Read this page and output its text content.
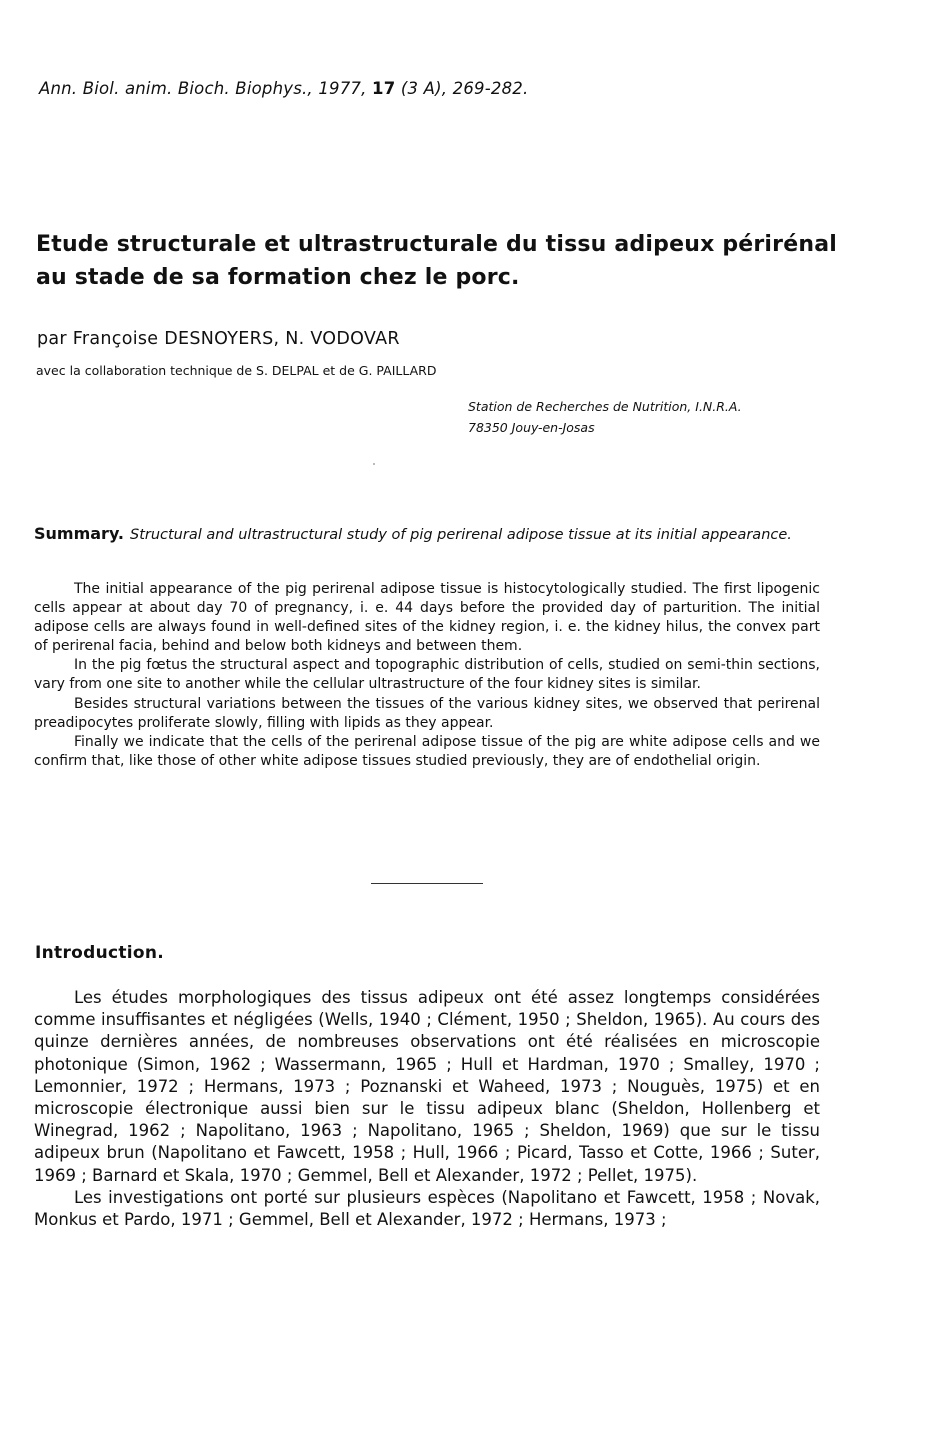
Ann. Biol. anim. Bioch. Biophys., 1977, 17 (3 A), 269-282.
Etude structurale et ultrastructurale du tissu adipeux périrénal au stade de sa formation chez le porc.
par Françoise DESNOYERS, N. VODOVAR
avec la collaboration technique de S. DELPAL et de G. PAILLARD
Station de Recherches de Nutrition, I.N.R.A.
78350 Jouy-en-Josas
Summary. Structural and ultrastructural study of pig perirenal adipose tissue at its initial appearance.

The initial appearance of the pig perirenal adipose tissue is histocytologically studied. The first lipogenic cells appear at about day 70 of pregnancy, i. e. 44 days before the provided day of parturition. The initial adipose cells are always found in well-defined sites of the kidney region, i. e. the kidney hilus, the convex part of perirenal facia, behind and below both kidneys and between them.

In the pig fœtus the structural aspect and topographic distribution of cells, studied on semi-thin sections, vary from one site to another while the cellular ultrastructure of the four kidney sites is similar.

Besides structural variations between the tissues of the various kidney sites, we observed that perirenal preadipocytes proliferate slowly, filling with lipids as they appear.

Finally we indicate that the cells of the perirenal adipose tissue of the pig are white adipose cells and we confirm that, like those of other white adipose tissues studied previously, they are of endothelial origin.

Introduction.

Les études morphologiques des tissus adipeux ont été assez longtemps considérées comme insuffisantes et négligées (Wells, 1940 ; Clément, 1950 ; Sheldon, 1965). Au cours des quinze dernières années, de nombreuses observations ont été réalisées en microscopie photonique (Simon, 1962 ; Wassermann, 1965 ; Hull et Hardman, 1970 ; Smalley, 1970 ; Lemonnier, 1972 ; Hermans, 1973 ; Poznanski et Waheed, 1973 ; Nouguès, 1975) et en microscopie électronique aussi bien sur le tissu adipeux blanc (Sheldon, Hollenberg et Winegrad, 1962 ; Napolitano, 1963 ; Napolitano, 1965 ; Sheldon, 1969) que sur le tissu adipeux brun (Napolitano et Fawcett, 1958 ; Hull, 1966 ; Picard, Tasso et Cotte, 1966 ; Suter, 1969 ; Barnard et Skala, 1970 ; Gemmel, Bell et Alexander, 1972 ; Pellet, 1975).

Les investigations ont porté sur plusieurs espèces (Napolitano et Fawcett, 1958 ; Novak, Monkus et Pardo, 1971 ; Gemmel, Bell et Alexander, 1972 ; Hermans, 1973 ;
